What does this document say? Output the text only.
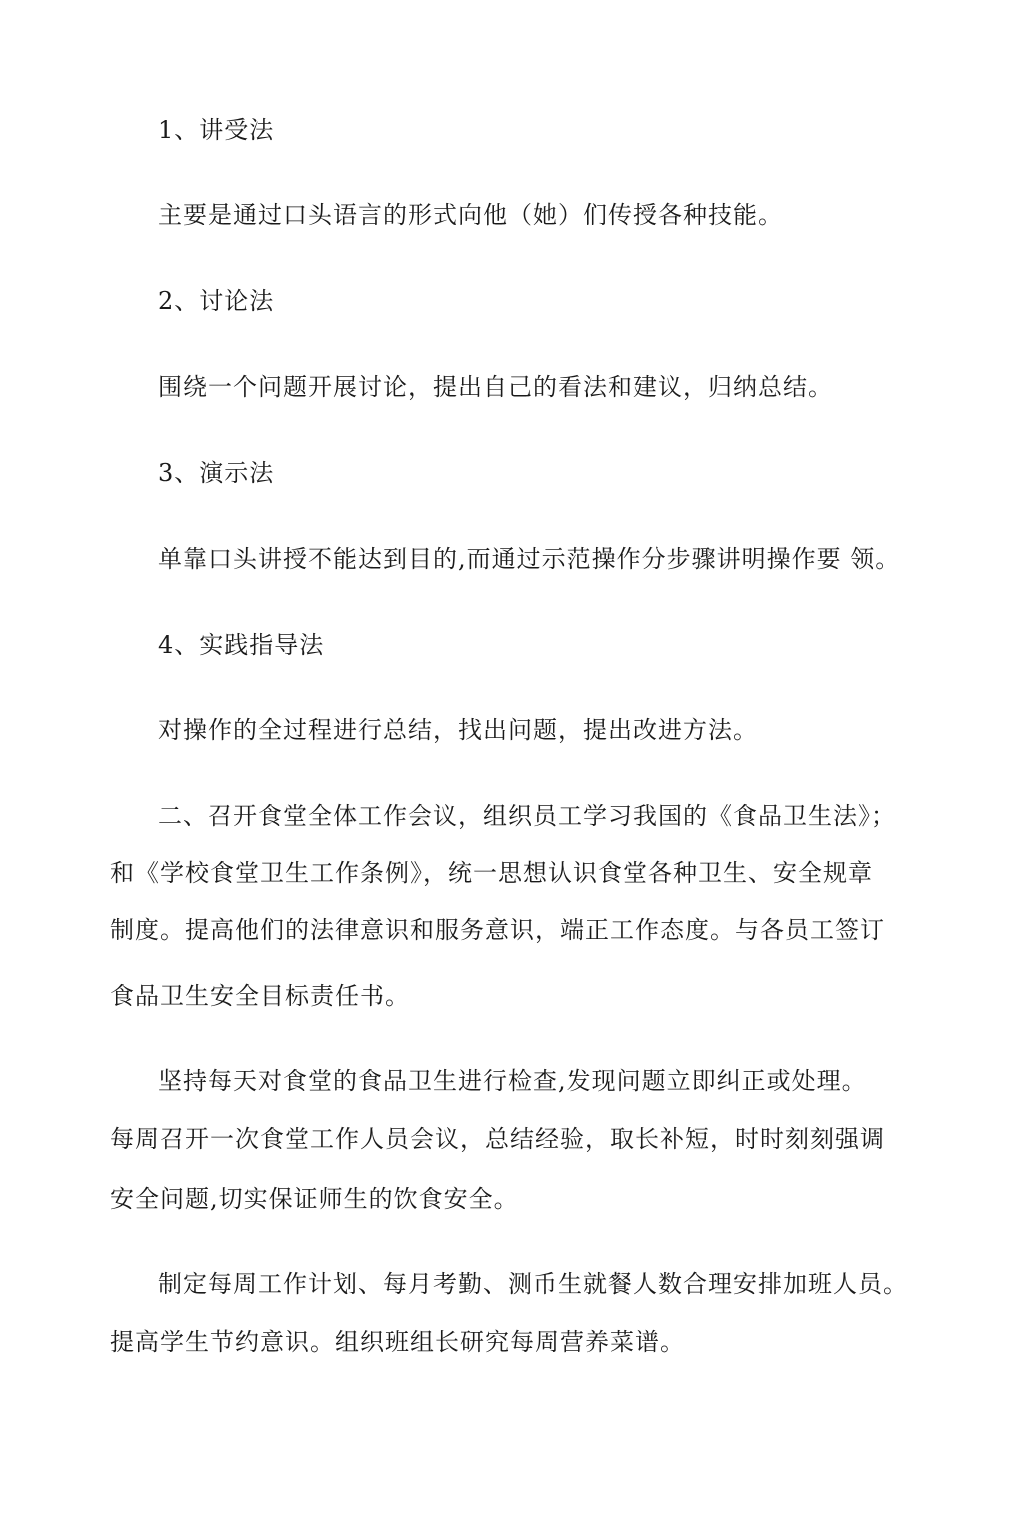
1、讲受法
主要是通过口头语言的形式向他（她）们传授各种技能。
2、讨论法
围绕一个问题开展讨论，提出自己的看法和建议，归纳总结。
3、演示法
单靠口头讲授不能达到目的,而通过示范操作分步骤讲明操作要 领。
4、实践指导法
对操作的全过程进行总结，找出问题，提出改进方法。
二、召开食堂全体工作会议，组织员工学习我国的《食品卫生法》；
和《学校食堂卫生工作条例》，统一思想认识食堂各种卫生、安全规章
制度。提高他们的法律意识和服务意识，端正工作态度。与各员工签订
食品卫生安全目标责任书。
坚持每天对食堂的食品卫生进行检查,发现问题立即纠正或处理。
每周召开一次食堂工作人员会议，总结经验，取长补短，时时刻刻强调
安全问题,切实保证师生的饮食安全。
制定每周工作计划、每月考勤、测币生就餐人数合理安排加班人员。
提高学生节约意识。组织班组长研究每周营养菜谱。
